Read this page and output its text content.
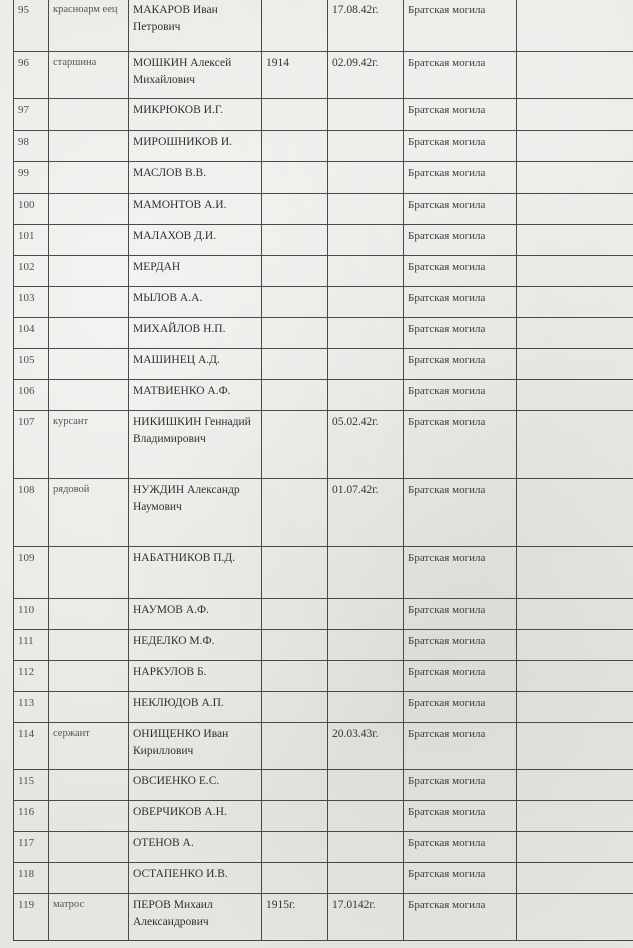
95	красноарм еец	МАКАРОВ Иван Петрович		17.08.42г.	Братская могила	
96	старшина	МОШКИН Алексей Михайлович	1914	02.09.42г.	Братская могила	
97		МИКРЮКОВ И.Г.			Братская могила	
98		МИРОШНИКОВ И.			Братская могила	
99		МАСЛОВ В.В.			Братская могила	
100		МАМОНТОВ А.И.			Братская могила	
101		МАЛАХОВ Д.И.			Братская могила	
102		МЕРДАН			Братская могила	
103		МЫЛОВ А.А.			Братская могила	
104		МИХАЙЛОВ Н.П.			Братская могила	
105		МАШИНЕЦ А.Д.			Братская могила	
106		МАТВИЕНКО А.Ф.			Братская могила	
107	курсант	НИКИШКИН Геннадий Владимирович		05.02.42г.	Братская могила	
108	рядовой	НУЖДИН Александр Наумович		01.07.42г.	Братская могила	
109		НАБАТНИКОВ П.Д.			Братская могила	
110		НАУМОВ А.Ф.			Братская могила	
111		НЕДЕЛКО М.Ф.			Братская могила	
112		НАРКУЛОВ Б.			Братская могила	
113		НЕКЛЮДОВ А.П.			Братская могила	
114	сержант	ОНИЩЕНКО Иван Кириллович		20.03.43г.	Братская могила	
115		ОВСИЕНКО Е.С.			Братская могила	
116		ОВЕРЧИКОВ А.Н.			Братская могила	
117		ОТЕНОВ А.			Братская могила	
118		ОСТАПЕНКО И.В.			Братская могила	
119	матрос	ПЕРОВ Михаил Александрович	1915г.	17.0142г.	Братская могила	
